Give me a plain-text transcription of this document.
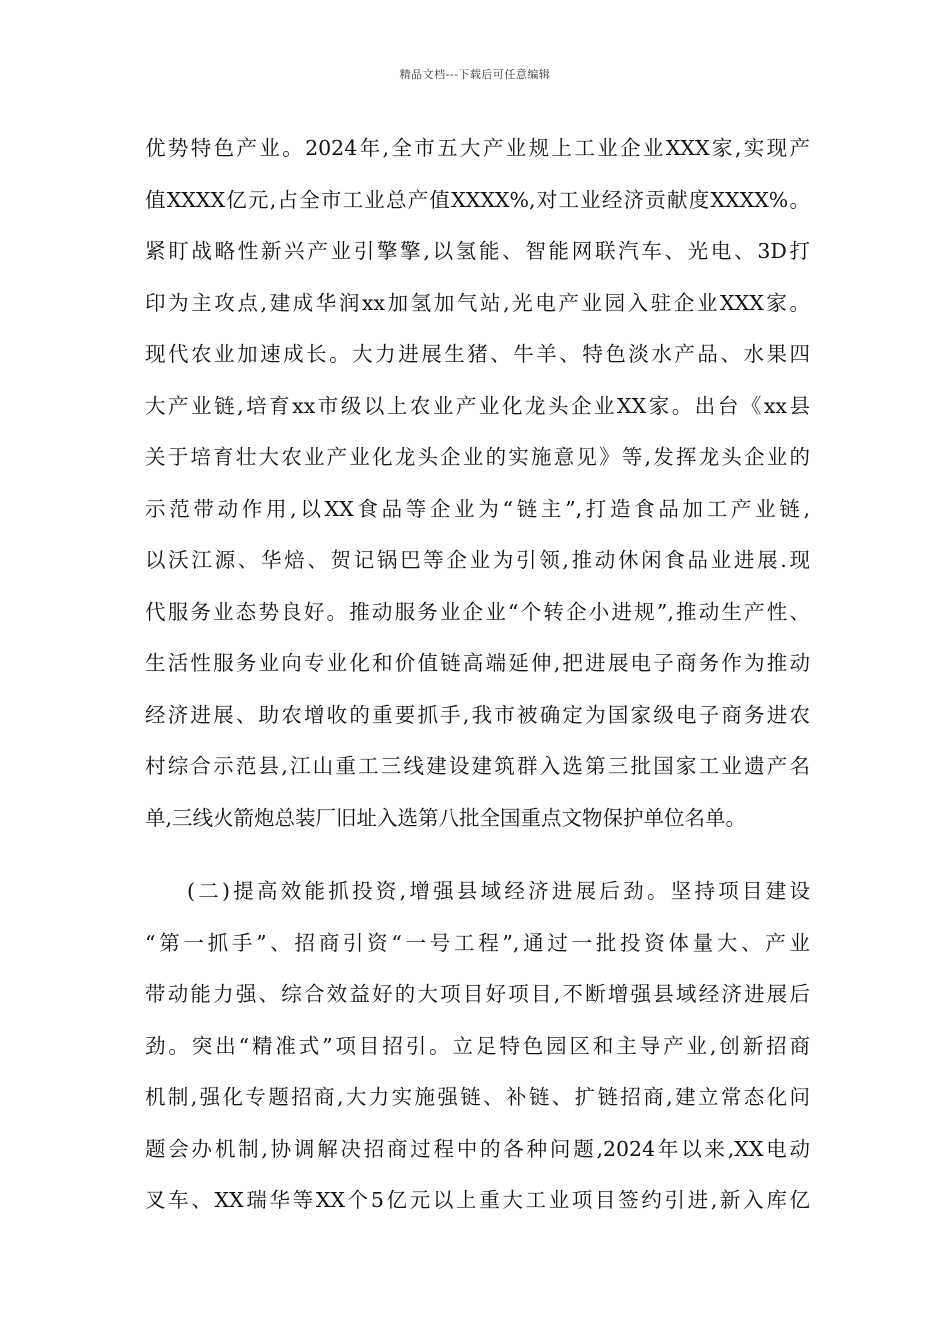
精品文档---下载后可任意编辑
优势特色产业。2024年,全市五大产业规上工业企业XXX家,实现产
值XXXX亿元,占全市工业总产值XXXX%,对工业经济贡献度XXXX%。
紧盯战略性新兴产业引擎擎,以氢能、智能网联汽车、光电、3D打
印为主攻点,建成华润xx加氢加气站,光电产业园入驻企业XXX家。
现代农业加速成长。大力进展生猪、牛羊、特色淡水产品、水果四
大产业链,培育xx市级以上农业产业化龙头企业XX家。出台《xx县
关于培育壮大农业产业化龙头企业的实施意见》等,发挥龙头企业的
示范带动作用,以XX食品等企业为“链主”,打造食品加工产业链,
以沃江源、华焙、贺记锅巴等企业为引领,推动休闲食品业进展.现
代服务业态势良好。推动服务业企业“个转企小进规”,推动生产性、
生活性服务业向专业化和价值链高端延伸,把进展电子商务作为推动
经济进展、助农增收的重要抓手,我市被确定为国家级电子商务进农
村综合示范县,江山重工三线建设建筑群入选第三批国家工业遗产名
单,三线火箭炮总装厂旧址入选第八批全国重点文物保护单位名单。
(二)提高效能抓投资,增强县域经济进展后劲。坚持项目建设
“第一抓手”、招商引资“一号工程”,通过一批投资体量大、产业
带动能力强、综合效益好的大项目好项目,不断增强县域经济进展后
劲。突出“精准式”项目招引。立足特色园区和主导产业,创新招商
机制,强化专题招商,大力实施强链、补链、扩链招商,建立常态化问
题会办机制,协调解决招商过程中的各种问题,2024年以来,XX电动
叉车、XX瑞华等XX个5亿元以上重大工业项目签约引进,新入库亿
